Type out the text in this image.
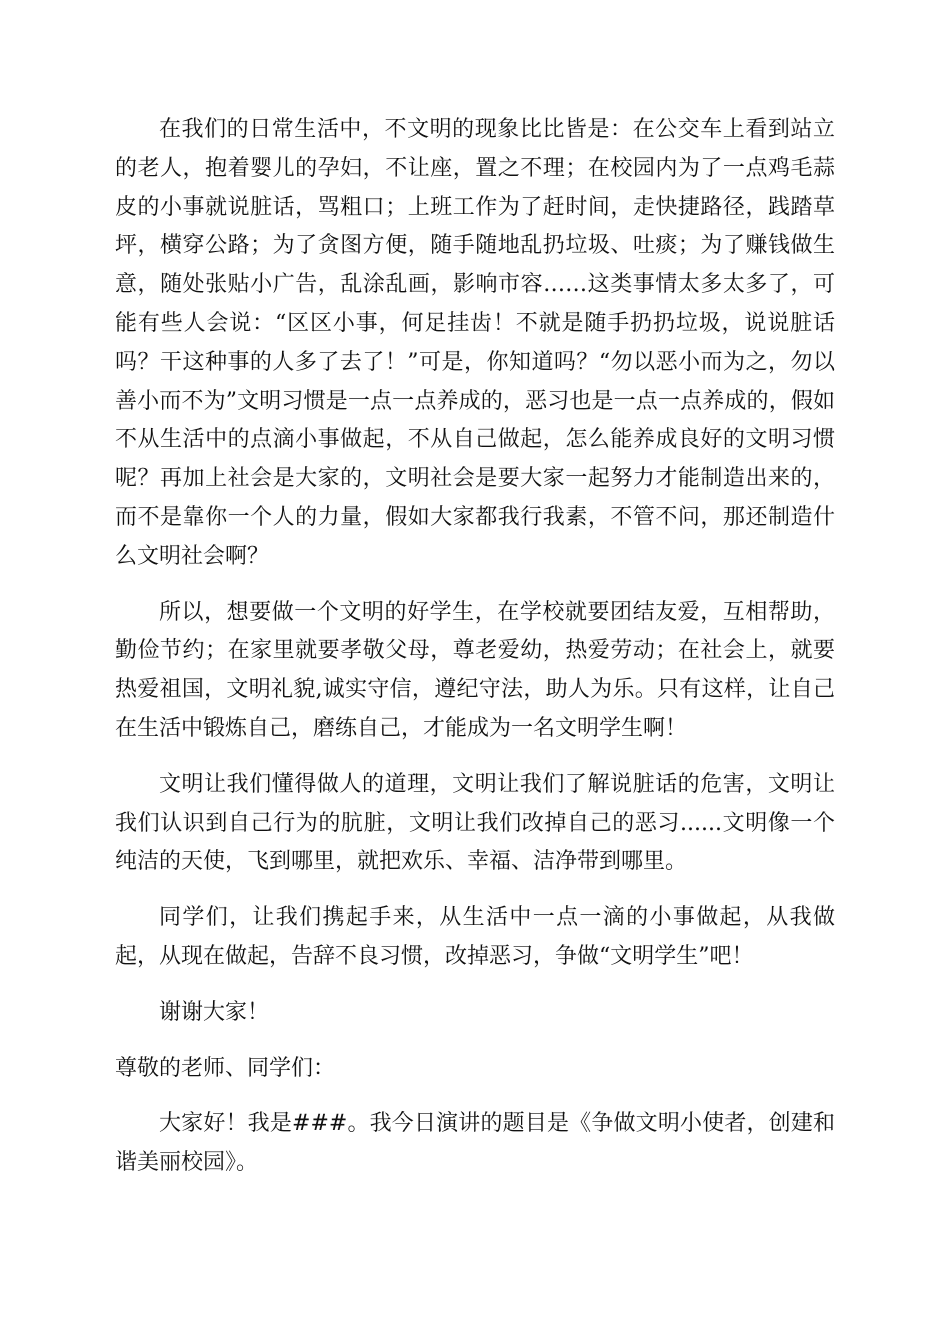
在我们的日常生活中，不文明的现象比比皆是：在公交车上看到站立的老人，抱着婴儿的孕妇，不让座，置之不理；在校园内为了一点鸡毛蒜皮的小事就说脏话，骂粗口；上班工作为了赶时间，走快捷路径，践踏草坪，横穿公路；为了贪图方便，随手随地乱扔垃圾、吐痰；为了赚钱做生意，随处张贴小广告，乱涂乱画，影响市容……这类事情太多太多了，可能有些人会说：“区区小事，何足挂齿！不就是随手扔扔垃圾，说说脏话吗？干这种事的人多了去了！”可是，你知道吗？“勿以恶小而为之，勿以善小而不为”文明习惯是一点一点养成的，恶习也是一点一点养成的，假如不从生活中的点滴小事做起，不从自己做起，怎么能养成良好的文明习惯呢？再加上社会是大家的，文明社会是要大家一起努力才能制造出来的，而不是靠你一个人的力量，假如大家都我行我素，不管不问，那还制造什么文明社会啊？

所以，想要做一个文明的好学生，在学校就要团结友爱，互相帮助，勤俭节约；在家里就要孝敬父母，尊老爱幼，热爱劳动；在社会上，就要热爱祖国，文明礼貌,诚实守信，遵纪守法，助人为乐。只有这样，让自己在生活中锻炼自己，磨练自己，才能成为一名文明学生啊！

文明让我们懂得做人的道理，文明让我们了解说脏话的危害，文明让我们认识到自己行为的肮脏，文明让我们改掉自己的恶习......文明像一个纯洁的天使，飞到哪里，就把欢乐、幸福、洁净带到哪里。

同学们，让我们携起手来，从生活中一点一滴的小事做起，从我做起，从现在做起，告辞不良习惯，改掉恶习，争做“文明学生”吧！

谢谢大家！

尊敬的老师、同学们：

大家好！我是###。我今日演讲的题目是《争做文明小使者，创建和谐美丽校园》。
